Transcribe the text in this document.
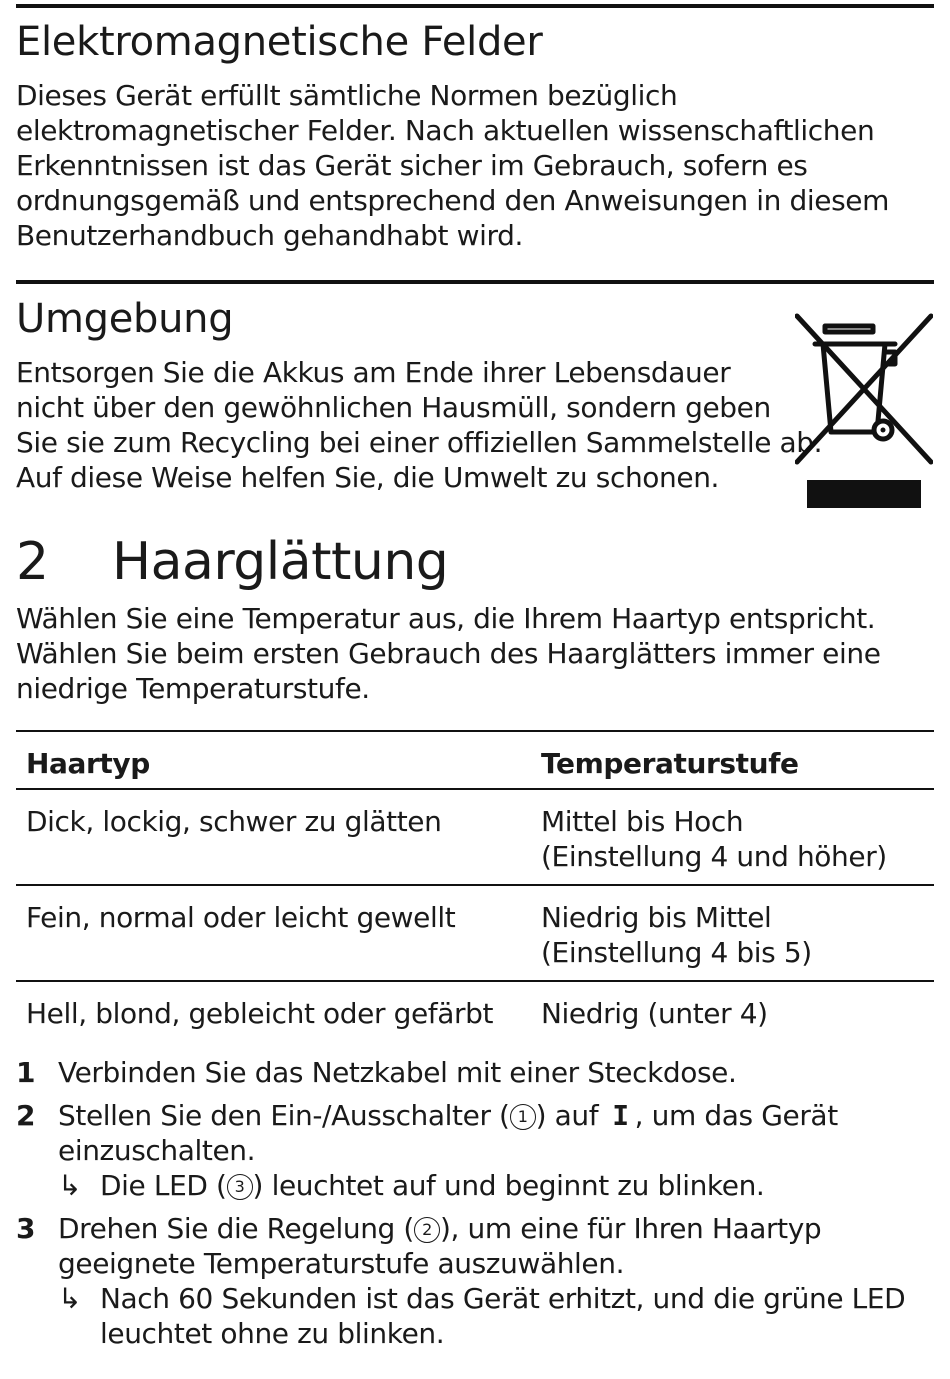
Elektromagnetische Felder
Dieses Gerät erfüllt sämtliche Normen bezüglich
elektromagnetischer Felder. Nach aktuellen wissenschaftlichen
Erkenntnissen ist das Gerät sicher im Gebrauch, sofern es
ordnungsgemäß und entsprechend den Anweisungen in diesem
Benutzerhandbuch gehandhabt wird.
Umgebung
Entsorgen Sie die Akkus am Ende ihrer Lebensdauer
nicht über den gewöhnlichen Hausmüll, sondern geben
Sie sie zum Recycling bei einer offiziellen Sammelstelle ab.
Auf diese Weise helfen Sie, die Umwelt zu schonen.
2 Haarglättung
Wählen Sie eine Temperatur aus, die Ihrem Haartyp entspricht.
Wählen Sie beim ersten Gebrauch des Haarglätters immer eine
niedrige Temperaturstufe.
Haartyp	Temperaturstufe
Dick, lockig, schwer zu glätten	Mittel bis Hoch
(Einstellung 4 und höher)

Fein, normal oder leicht gewellt	Niedrig bis Mittel
(Einstellung 4 bis 5)

Hell, blond, gebleicht oder gefärbt	Niedrig (unter 4)
1 Verbinden Sie das Netzkabel mit einer Steckdose.
2 Stellen Sie den Ein-/Ausschalter ( 1 ) auf I , um das Gerät
einzuschalten.
↳ Die LED ( 3 ) leuchtet auf und beginnt zu blinken.
3 Drehen Sie die Regelung ( 2 ), um eine für Ihren Haartyp
geeignete Temperaturstufe auszuwählen.
↳ Nach 60 Sekunden ist das Gerät erhitzt, und die grüne LED
leuchtet ohne zu blinken.
